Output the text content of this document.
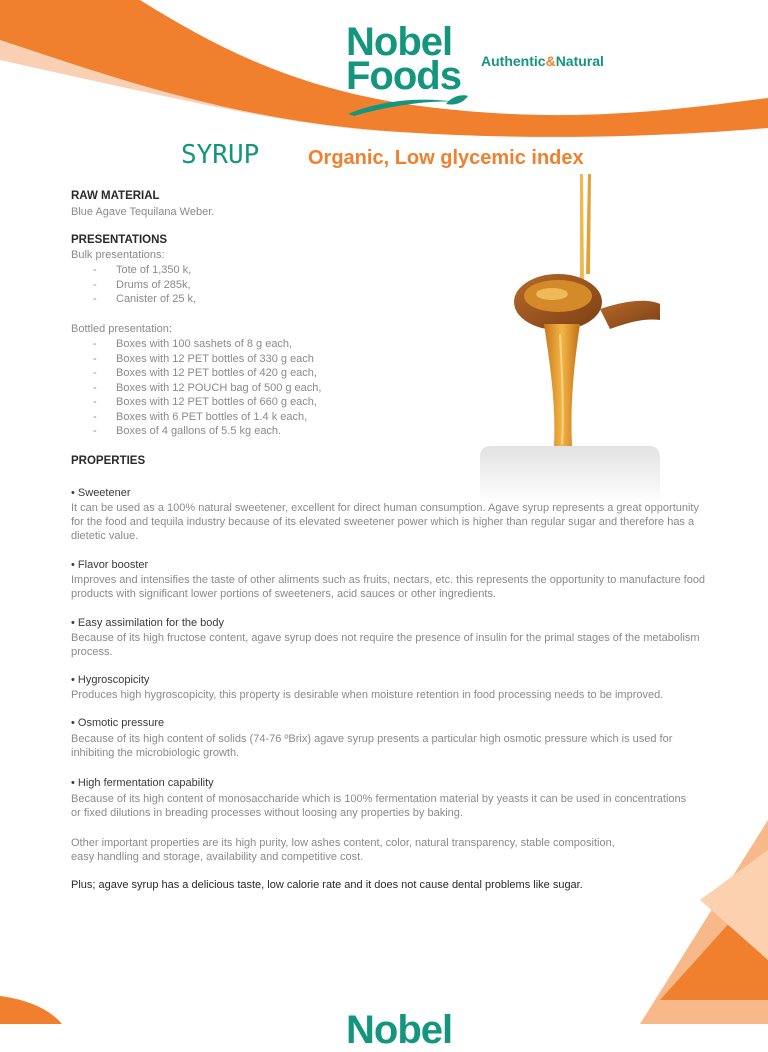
Nobel
Foods	Authentic&Natural
SYRUP Organic, Low glycemic index
RAW MATERIAL
Blue Agave Tequilana Weber.
PRESENTATIONS
Bulk presentations:
- Tote of 1,350 k,
- Drums of 285k,
- Canister of 25 k,
Bottled presentation:
- Boxes with 100 sashets of 8 g each,
- Boxes with 12 PET bottles of 330 g each
- Boxes with 12 PET bottles of 420 g each,
- Boxes with 12 POUCH bag of 500 g each,
- Boxes with 12 PET bottles of 660 g each,
- Boxes with 6 PET bottles of 1.4 k each,
- Boxes of 4 gallons of 5.5 kg each.
PROPERTIES
• Sweetener
It can be used as a 100% natural sweetener, excellent for direct human consumption. Agave syrup represents a great opportunity
for the food and tequila industry because of its elevated sweetener power which is higher than regular sugar and therefore has a
dietetic value.
• Flavor booster
Improves and intensifies the taste of other aliments such as fruits, nectars, etc. this represents the opportunity to manufacture food
products with significant lower portions of sweeteners, acid sauces or other ingredients.
• Easy assimilation for the body
Because of its high fructose content, agave syrup does not require the presence of insulin for the primal stages of the metabolism
process.
• Hygroscopicity
Produces high hygroscopicity, this property is desirable when moisture retention in food processing needs to be improved.
• Osmotic pressure
Because of its high content of solids (74-76 ºBrix) agave syrup presents a particular high osmotic pressure which is used for
inhibiting the microbiologic growth.
• High fermentation capability
Because of its high content of monosaccharide which is 100% fermentation material by yeasts it can be used in concentrations
or fixed dilutions in breading processes without loosing any properties by baking.
Other important properties are its high purity, low ashes content, color, natural transparency, stable composition,
easy handling and storage, availability and competitive cost.
Plus; agave syrup has a delicious taste, low calorie rate and it does not cause dental problems like sugar.
Nobel
